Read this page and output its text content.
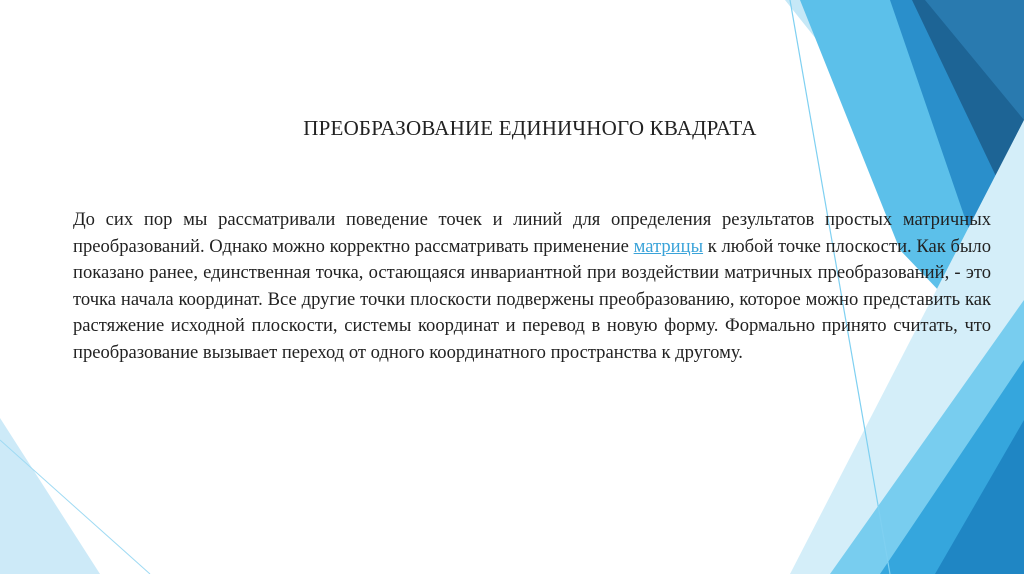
ПРЕОБРАЗОВАНИЕ ЕДИНИЧНОГО КВАДРАТА

До сих пор мы рассматривали поведение точек и линий для определения результатов простых матричных преобразований. Однако можно корректно рассматривать применение матрицы к любой точке плоскости. Как было показано ранее, единственная точка, остающаяся инвариантной при воздействии матричных преобразований, - это точка начала координат. Все другие точки плоскости подвержены преобразованию, которое можно представить как растяжение исходной плоскости, системы координат и перевод в новую форму. Формально принято считать, что преобразование вызывает переход от одного координатного пространства к другому.
